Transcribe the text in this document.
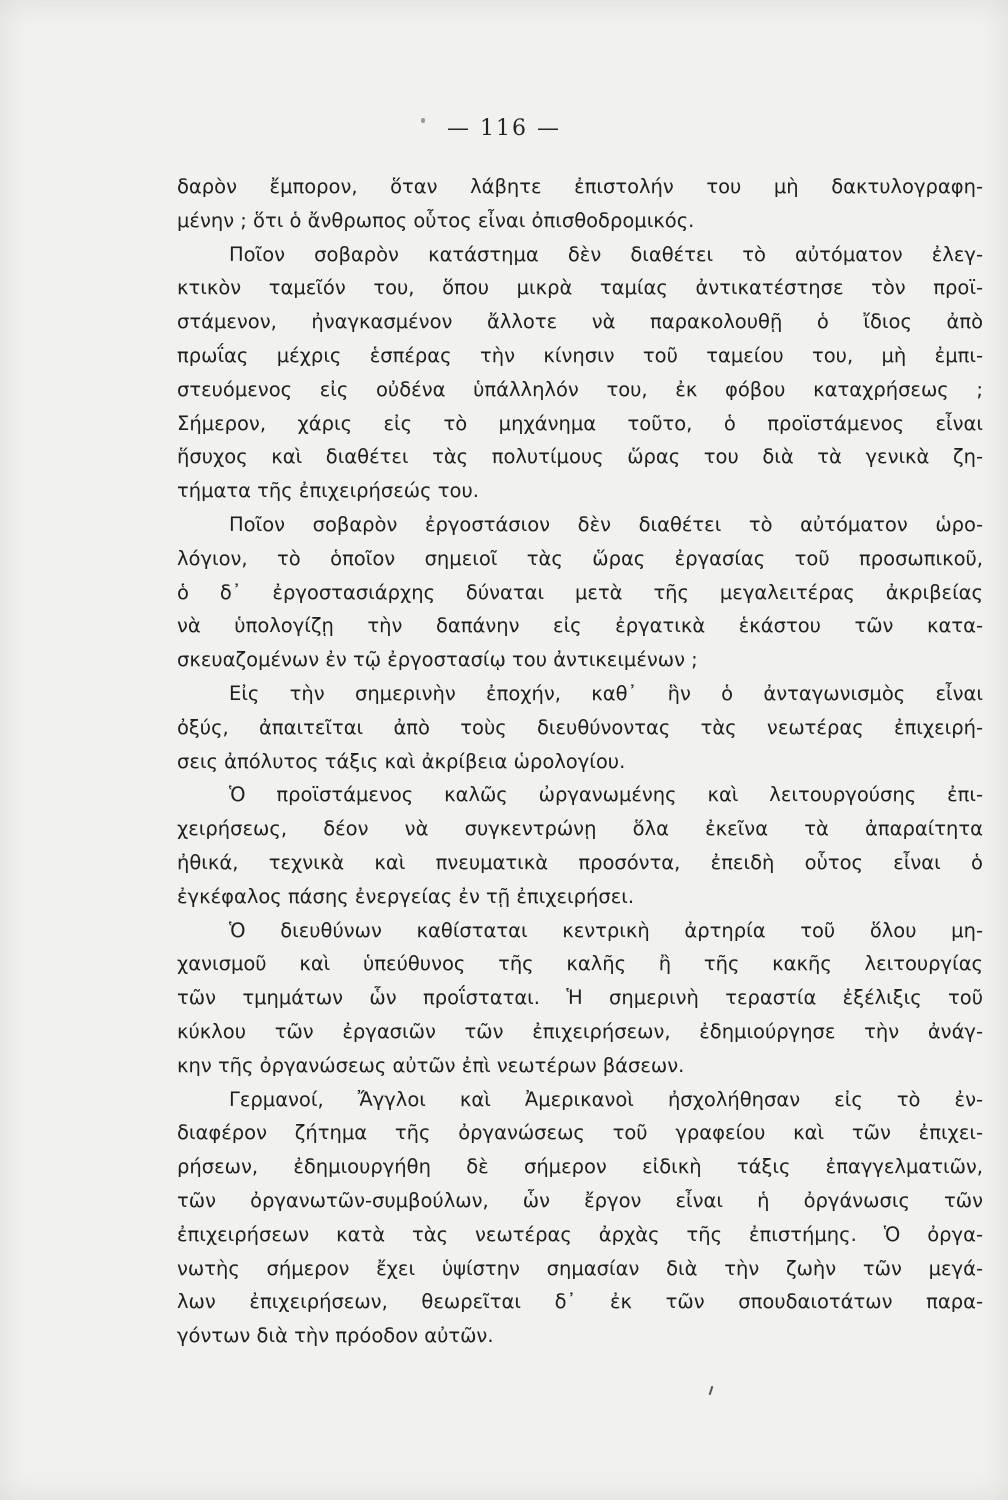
— 116 —
δαρὸν ἔμπορον, ὅταν λάβητε ἐπιστολήν του μὴ δακτυλογραφη-
μένην ; ὅτι ὁ ἄνθρωπος οὗτος εἶναι ὀπισθοδρομικός.
Ποῖον σοβαρὸν κατάστημα δὲν διαθέτει τὸ αὐτόματον ἐλεγ-
κτικὸν ταμεῖόν του, ὅπου μικρὰ ταμίας ἀντικατέστησε τὸν προϊ-
στάμενον, ἠναγκασμένον ἄλλοτε νὰ παρακολουθῇ ὁ ἴδιος ἀπὸ
πρωΐας μέχρις ἑσπέρας τὴν κίνησιν τοῦ ταμείου του, μὴ ἐμπι-
στευόμενος εἰς οὐδένα ὑπάλληλόν του, ἐκ φόβου καταχρήσεως ;
Σήμερον, χάρις εἰς τὸ μηχάνημα τοῦτο, ὁ προϊστάμενος εἶναι
ἥσυχος καὶ διαθέτει τὰς πολυτίμους ὥρας του διὰ τὰ γενικὰ ζη-
τήματα τῆς ἐπιχειρήσεώς του.
Ποῖον σοβαρὸν ἐργοστάσιον δὲν διαθέτει τὸ αὐτόματον ὡρο-
λόγιον, τὸ ὁποῖον σημειοῖ τὰς ὥρας ἐργασίας τοῦ προσωπικοῦ,
ὁ δ᾽ ἐργοστασιάρχης δύναται μετὰ τῆς μεγαλειτέρας ἀκριβείας
νὰ ὑπολογίζῃ τὴν δαπάνην εἰς ἐργατικὰ ἑκάστου τῶν κατα-
σκευαζομένων ἐν τῷ ἐργοστασίῳ του ἀντικειμένων ;
Εἰς τὴν σημερινὴν ἐποχήν, καθ᾽ ἣν ὁ ἀνταγωνισμὸς εἶναι
ὀξύς, ἀπαιτεῖται ἀπὸ τοὺς διευθύνοντας τὰς νεωτέρας ἐπιχειρή-
σεις ἀπόλυτος τάξις καὶ ἀκρίβεια ὡρολογίου.
Ὁ προϊστάμενος καλῶς ὠργανωμένης καὶ λειτουργούσης ἐπι-
χειρήσεως, δέον νὰ συγκεντρώνῃ ὅλα ἐκεῖνα τὰ ἀπαραίτητα
ἠθικά, τεχνικὰ καὶ πνευματικὰ προσόντα, ἐπειδὴ οὗτος εἶναι ὁ
ἐγκέφαλος πάσης ἐνεργείας ἐν τῇ ἐπιχειρήσει.
Ὁ διευθύνων καθίσταται κεντρικὴ ἀρτηρία τοῦ ὅλου μη-
χανισμοῦ καὶ ὑπεύθυνος τῆς καλῆς ἢ τῆς κακῆς λειτουργίας
τῶν τμημάτων ὧν προΐσταται. Ἡ σημερινὴ τεραστία ἐξέλιξις τοῦ
κύκλου τῶν ἐργασιῶν τῶν ἐπιχειρήσεων, ἐδημιούργησε τὴν ἀνάγ-
κην τῆς ὀργανώσεως αὐτῶν ἐπὶ νεωτέρων βάσεων.
Γερμανοί, Ἄγγλοι καὶ Ἀμερικανοὶ ἠσχολήθησαν εἰς τὸ ἐν-
διαφέρον ζήτημα τῆς ὀργανώσεως τοῦ γραφείου καὶ τῶν ἐπιχει-
ρήσεων, ἐδημιουργήθη δὲ σήμερον εἰδικὴ τάξις ἐπαγγελματιῶν,
τῶν ὀργανωτῶν-συμβούλων, ὧν ἔργον εἶναι ἡ ὀργάνωσις τῶν
ἐπιχειρήσεων κατὰ τὰς νεωτέρας ἀρχὰς τῆς ἐπιστήμης. Ὁ ὀργα-
νωτὴς σήμερον ἔχει ὑψίστην σημασίαν διὰ τὴν ζωὴν τῶν μεγά-
λων ἐπιχειρήσεων, θεωρεῖται δ᾽ ἐκ τῶν σπουδαιοτάτων παρα-
γόντων διὰ τὴν πρόοδον αὐτῶν.
